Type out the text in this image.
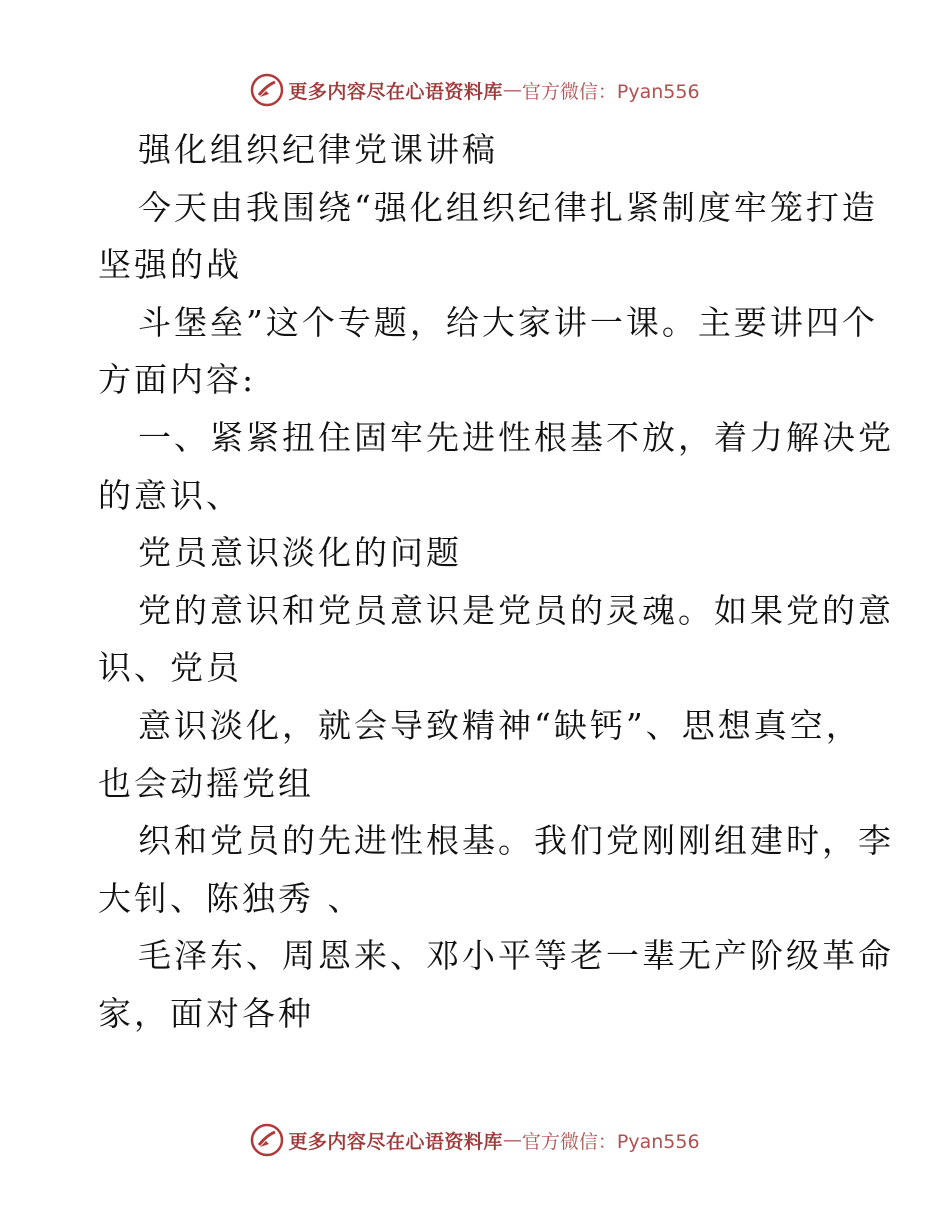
更多内容尽在心语资料库 — 官方微信：Pyan556
强化组织纪律党课讲稿
今天由我围绕“强化组织纪律扎紧制度牢笼打造
坚强的战
斗堡垒”这个专题，给大家讲一课。主要讲四个
方面内容:
一、紧紧扭住固牢先进性根基不放，着力解决党
的意识、
党员意识淡化的问题
党的意识和党员意识是党员的灵魂。如果党的意
识、党员
意识淡化，就会导致精神“缺钙”、思想真空，
也会动摇党组
织和党员的先进性根基。我们党刚刚组建时，李
大钊、陈独秀 、
毛泽东、周恩来、邓小平等老一辈无产阶级革命
家，面对各种
更多内容尽在心语资料库 — 官方微信：Pyan556
